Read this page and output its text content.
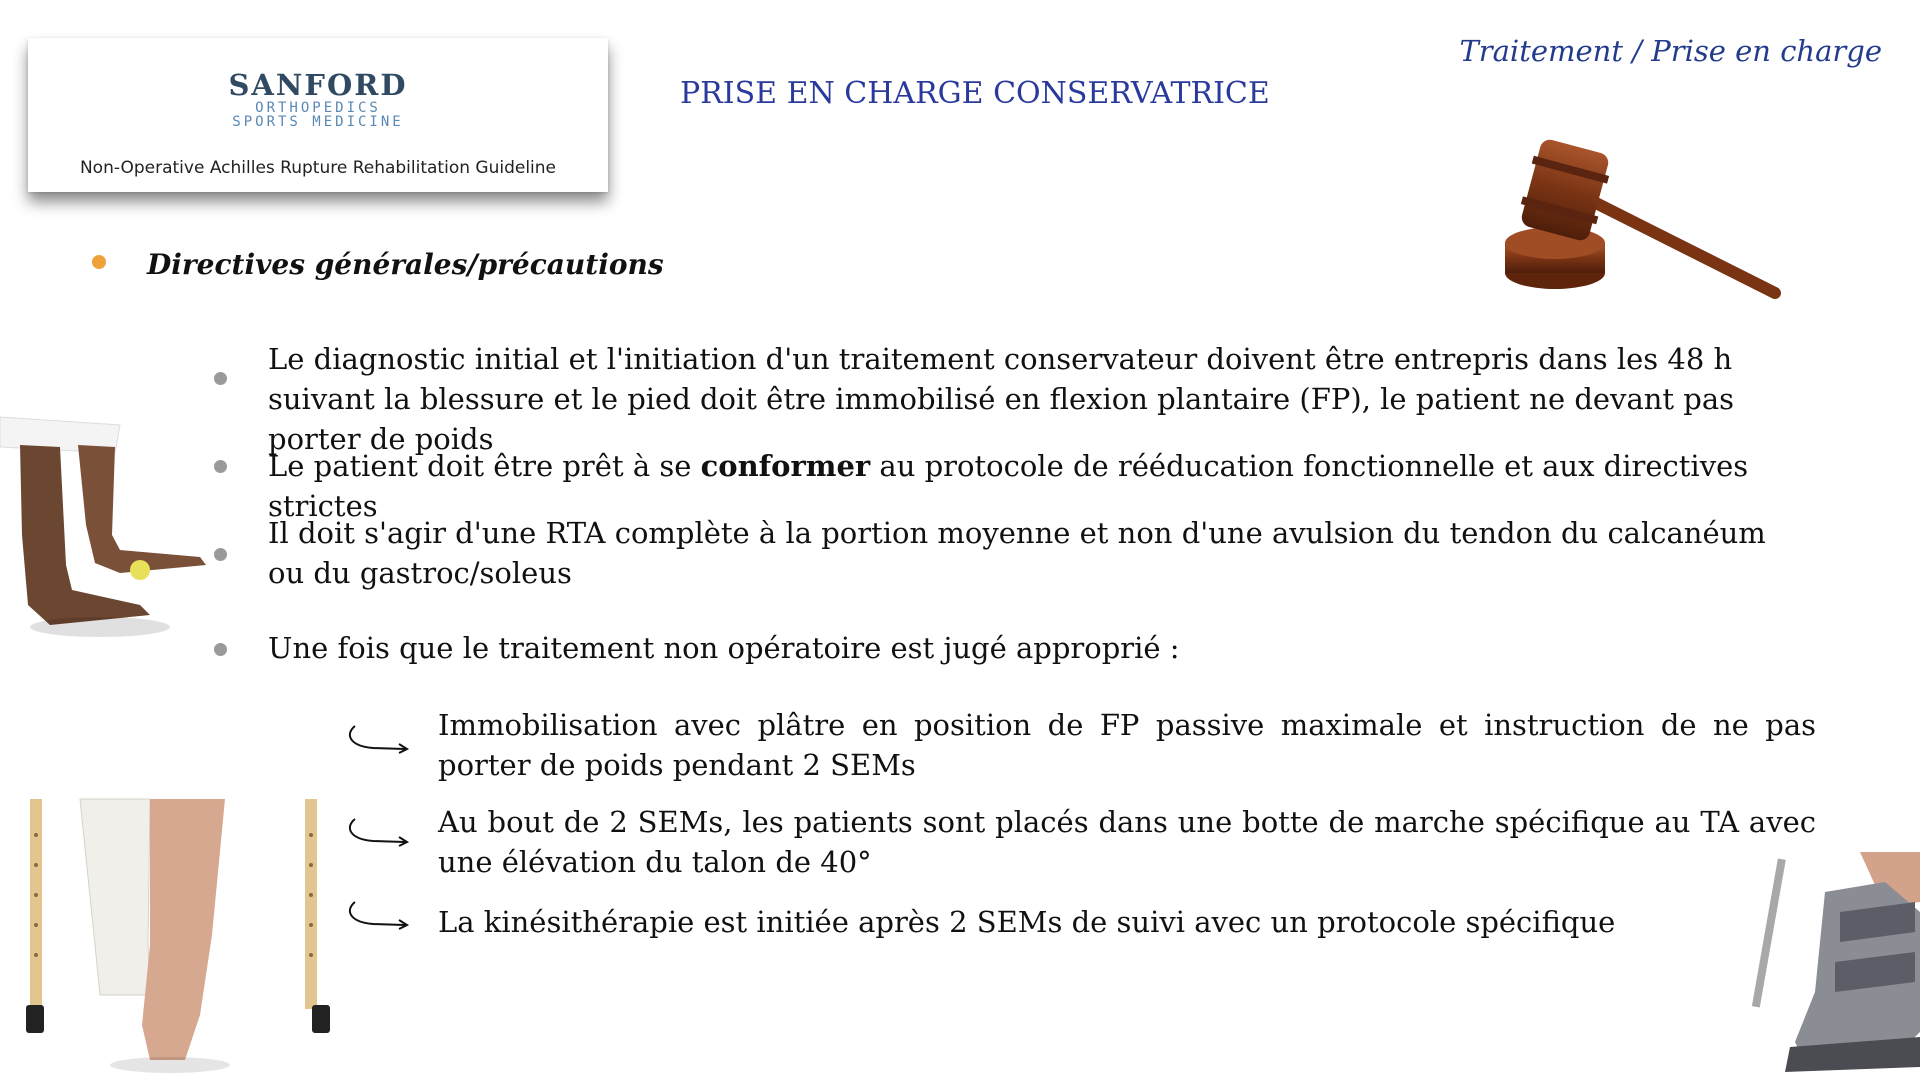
SANFORD
ORTHOPEDICS
SPORTS MEDICINE
Non-Operative Achilles Rupture Rehabilitation Guideline
PRISE EN CHARGE CONSERVATRICE
Traitement / Prise en charge
Directives générales/précautions
Le diagnostic initial et l'initiation d'un traitement conservateur doivent être entrepris dans les 48 h suivant la blessure et le pied doit être immobilisé en flexion plantaire (FP), le patient ne devant pas porter de poids
Le patient doit être prêt à se conformer au protocole de rééducation fonctionnelle et aux directives strictes
Il doit s'agir d'une RTA complète à la portion moyenne et non d'une avulsion du tendon du calcanéum ou du gastroc/soleus
Une fois que le traitement non opératoire est jugé approprié :
Immobilisation avec plâtre en position de FP passive maximale et instruction de ne pas porter de poids pendant 2 SEMs
Au bout de 2 SEMs, les patients sont placés dans une botte de marche spécifique au TA avec une élévation du talon de 40°
La kinésithérapie est initiée après 2 SEMs de suivi avec un protocole spécifique
